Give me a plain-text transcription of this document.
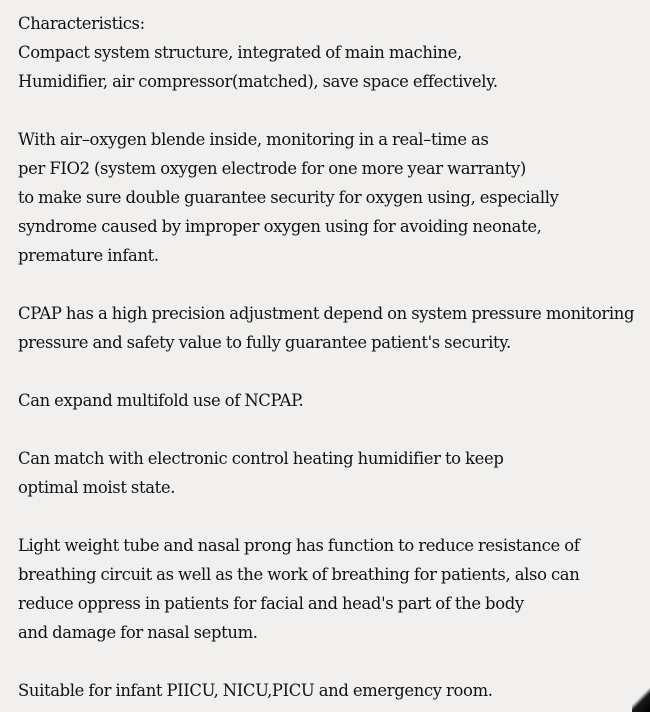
Characteristics:
Compact system structure, integrated of main machine,
Humidifier, air compressor(matched), save space effectively.
With air–oxygen blende inside, monitoring in a real–time as
per FIO2 (system oxygen electrode for one more year warranty)
to make sure double guarantee security for oxygen using, especially
syndrome caused by improper oxygen using for avoiding neonate,
premature infant.
CPAP has a high precision adjustment depend on system pressure monitoring
pressure and safety value to fully guarantee patient's security.
Can expand multifold use of NCPAP.
Can match with electronic control heating humidifier to keep
optimal moist state.
Light weight tube and nasal prong has function to reduce resistance of
breathing circuit as well as the work of breathing for patients, also can
reduce oppress in patients for facial and head's part of the body
and damage for nasal septum.
Suitable for infant PIICU, NICU,PICU and emergency room.
